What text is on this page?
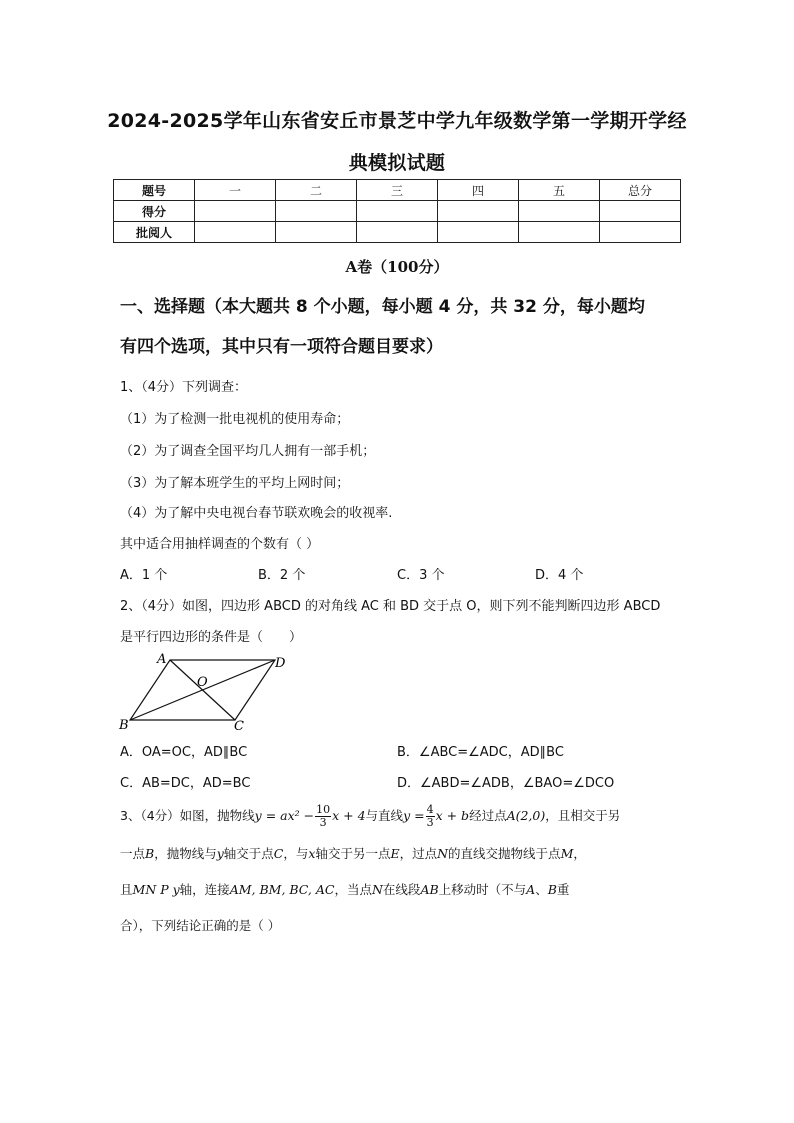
2024-2025学年山东省安丘市景芝中学九年级数学第一学期开学经
典模拟试题
题号	一	二	三	四	五	总分
得分						
批阅人						
A卷（100分）
一、选择题（本大题共 8 个小题，每小题 4 分，共 32 分，每小题均
有四个选项，其中只有一项符合题目要求）
1、（4分）下列调查：
（1）为了检测一批电视机的使用寿命；
（2）为了调查全国平均几人拥有一部手机；
（3）为了解本班学生的平均上网时间；
（4）为了解中央电视台春节联欢晚会的收视率.
其中适合用抽样调查的个数有（ ）
A．1 个	B．2 个	C．3 个	D．4 个
2、（4分）如图，四边形 ABCD 的对角线 AC 和 BD 交于点 O，则下列不能判断四边形 ABCD
是平行四边形的条件是（　　）
A	D
O
B	C
A．OA=OC，AD∥BC	B．∠ABC=∠ADC，AD∥BC
C．AB=DC，AD=BC	D．∠ABD=∠ADB，∠BAO=∠DCO
3、（4分）如图，抛物线$y = ax^2 - \frac{10}{3}$ x + 4与直线$y = \frac{4}{3}$ x + b经过点A(2,0)，且相交于另
一点B，抛物线与y轴交于点C，与x轴交于另一点E，过点N的直线交抛物线于点M，
且MN P y轴，连接AM, BM, BC, AC，当点N在线段AB上移动时（不与A、B重
合），下列结论正确的是（ ）
